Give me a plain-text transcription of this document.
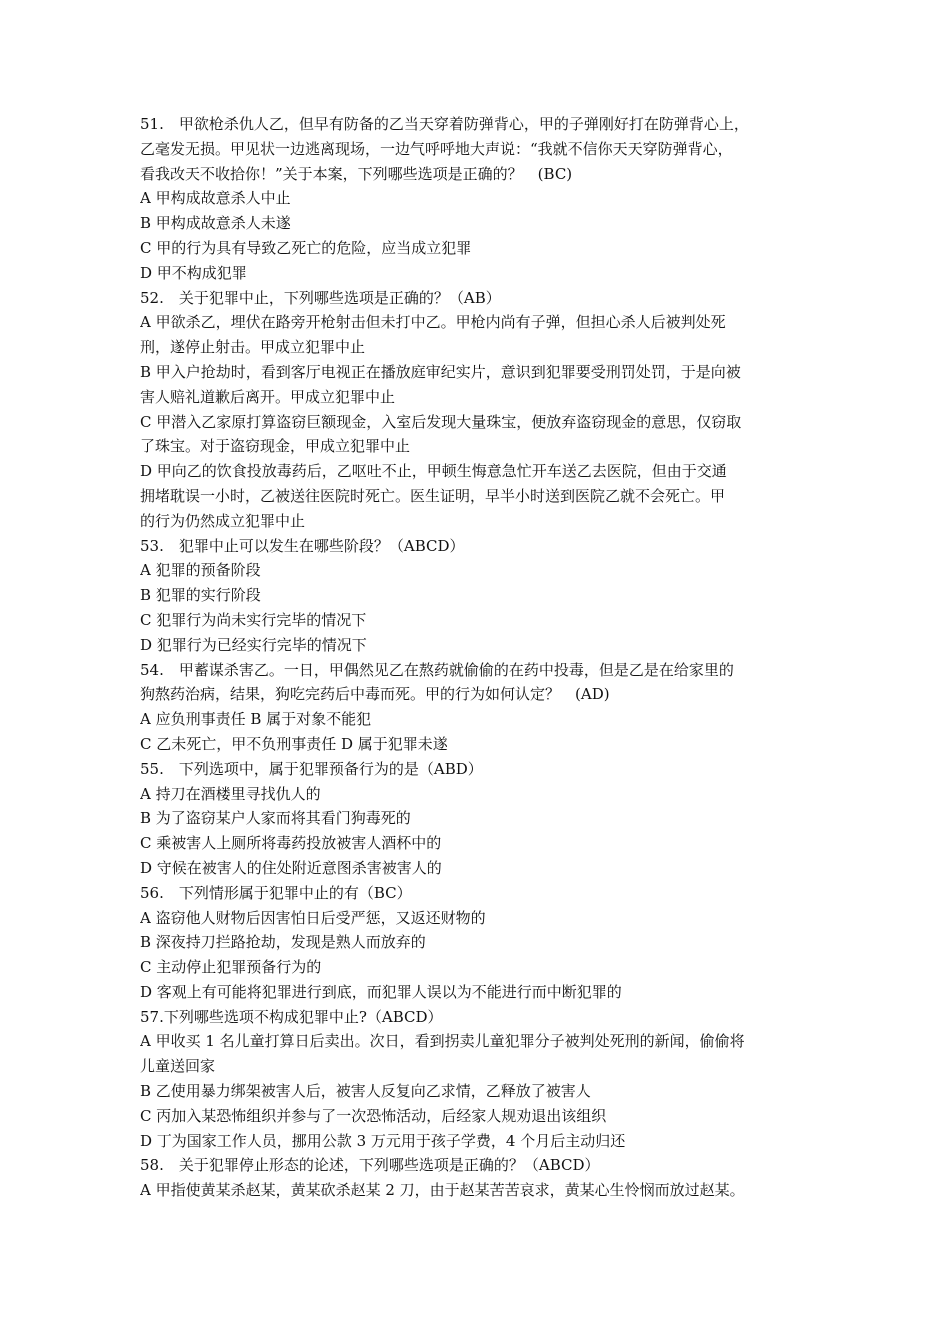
51.　甲欲枪杀仇人乙，但早有防备的乙当天穿着防弹背心，甲的子弹刚好打在防弹背心上，
乙毫发无损。甲见状一边逃离现场，一边气呼呼地大声说：“我就不信你天天穿防弹背心，
看我改天不收拾你！”关于本案，下列哪些选项是正确的？　(BC)
A 甲构成故意杀人中止
B 甲构成故意杀人未遂
C 甲的行为具有导致乙死亡的危险，应当成立犯罪
D 甲不构成犯罪
52.　关于犯罪中止，下列哪些选项是正确的？（AB）
A 甲欲杀乙，埋伏在路旁开枪射击但未打中乙。甲枪内尚有子弹，但担心杀人后被判处死
刑，遂停止射击。甲成立犯罪中止
B 甲入户抢劫时，看到客厅电视正在播放庭审纪实片，意识到犯罪要受刑罚处罚，于是向被
害人赔礼道歉后离开。甲成立犯罪中止
C 甲潜入乙家原打算盗窃巨额现金，入室后发现大量珠宝，便放弃盗窃现金的意思，仅窃取
了珠宝。对于盗窃现金，甲成立犯罪中止
D 甲向乙的饮食投放毒药后，乙呕吐不止，甲顿生悔意急忙开车送乙去医院，但由于交通
拥堵耽误一小时，乙被送往医院时死亡。医生证明，早半小时送到医院乙就不会死亡。甲
的行为仍然成立犯罪中止
53.　犯罪中止可以发生在哪些阶段？（ABCD）
A 犯罪的预备阶段
B 犯罪的实行阶段
C 犯罪行为尚未实行完毕的情况下
D 犯罪行为已经实行完毕的情况下
54.　甲蓄谋杀害乙。一日，甲偶然见乙在熬药就偷偷的在药中投毒，但是乙是在给家里的
狗熬药治病，结果，狗吃完药后中毒而死。甲的行为如何认定？　(AD)
A 应负刑事责任 B 属于对象不能犯
C 乙未死亡，甲不负刑事责任 D 属于犯罪未遂
55.　下列选项中，属于犯罪预备行为的是（ABD）
A 持刀在酒楼里寻找仇人的
B 为了盗窃某户人家而将其看门狗毒死的
C 乘被害人上厕所将毒药投放被害人酒杯中的
D 守候在被害人的住处附近意图杀害被害人的
56.　下列情形属于犯罪中止的有（BC）
A 盗窃他人财物后因害怕日后受严惩，又返还财物的
B 深夜持刀拦路抢劫，发现是熟人而放弃的
C 主动停止犯罪预备行为的
D 客观上有可能将犯罪进行到底，而犯罪人误以为不能进行而中断犯罪的
57.下列哪些选项不构成犯罪中止?（ABCD）
A 甲收买 1 名儿童打算日后卖出。次日，看到拐卖儿童犯罪分子被判处死刑的新闻，偷偷将
儿童送回家
B 乙使用暴力绑架被害人后，被害人反复向乙求情，乙释放了被害人
C 丙加入某恐怖组织并参与了一次恐怖活动，后经家人规劝退出该组织
D 丁为国家工作人员，挪用公款 3 万元用于孩子学费，4 个月后主动归还
58.　关于犯罪停止形态的论述，下列哪些选项是正确的？（ABCD）
A 甲指使黄某杀赵某，黄某砍杀赵某 2 刀，由于赵某苦苦哀求，黄某心生怜悯而放过赵某。
